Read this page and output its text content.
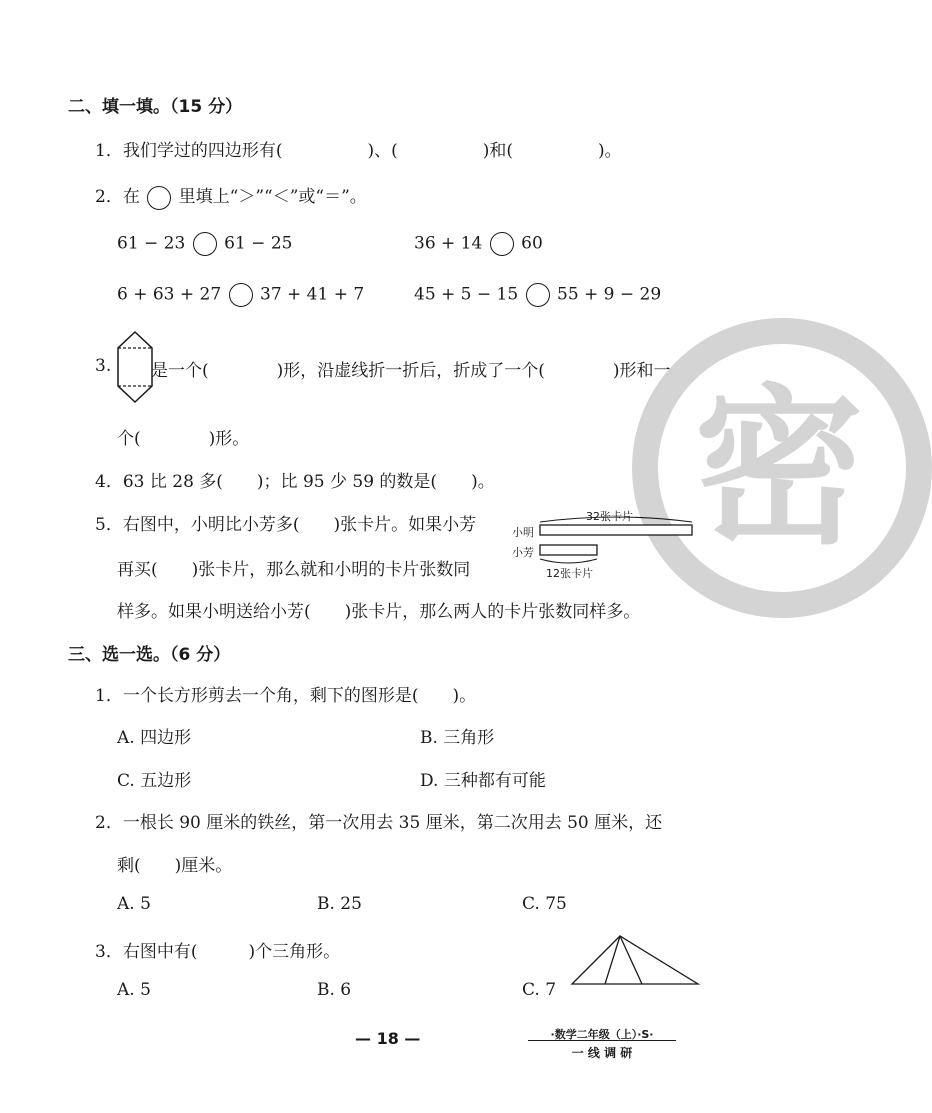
密
二、填一填。（15 分）
1．我们学过的四边形有(　　　　　)、(　　　　　)和(　　　　　)。
2．在 里填上“＞”“＜”或“＝”。
61 − 23 61 − 25	36 + 14 60
6 + 63 + 27 37 + 41 + 7	45 + 5 − 15 55 + 9 − 29
3. 是一个(　　　　)形，沿虚线折一折后，折成了一个(　　　　)形和一
个(　　　　)形。
4．63 比 28 多(　　)；比 95 少 59 的数是(　　)。
5．右图中，小明比小芳多(　　)张卡片。如果小芳
再买(　　)张卡片，那么就和小明的卡片张数同
样多。如果小明送给小芳(　　)张卡片，那么两人的卡片张数同样多。
32张卡片
小明
小芳
12张卡片
三、选一选。（6 分）
1．一个长方形剪去一个角，剩下的图形是(　　)。
A. 四边形	B. 三角形
C. 五边形	D. 三种都有可能
2．一根长 90 厘米的铁丝，第一次用去 35 厘米，第二次用去 50 厘米，还
剩(　　)厘米。
A. 5	B. 25	C. 75
3．右图中有(　　　)个三角形。
A. 5	B. 6	C. 7
— 18 —	·数学二年级（上）·S·
一 线 调 研
